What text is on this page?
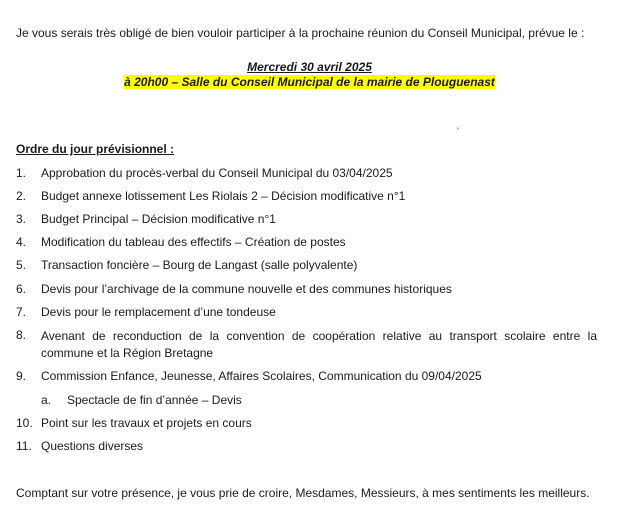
Je vous serais très obligé de bien vouloir participer à la prochaine réunion du Conseil Municipal, prévue le :
Mercredi 30 avril 2025
à 20h00 – Salle du Conseil Municipal de la mairie de Plouguenast
'
Ordre du jour prévisionnel :
1. Approbation du procès-verbal du Conseil Municipal du 03/04/2025
2. Budget annexe lotissement Les Riolais 2 – Décision modificative n°1
3. Budget Principal – Décision modificative n°1
4. Modification du tableau des effectifs – Création de postes
5. Transaction foncière – Bourg de Langast (salle polyvalente)
6. Devis pour l’archivage de la commune nouvelle et des communes historiques
7. Devis pour le remplacement d’une tondeuse
8. Avenant de reconduction de la convention de coopération relative au transport scolaire entre la commune et la Région Bretagne
9. Commission Enfance, Jeunesse, Affaires Scolaires, Communication du 09/04/2025
a. Spectacle de fin d’année – Devis
10. Point sur les travaux et projets en cours
11. Questions diverses
Comptant sur votre présence, je vous prie de croire, Mesdames, Messieurs, à mes sentiments les meilleurs.
